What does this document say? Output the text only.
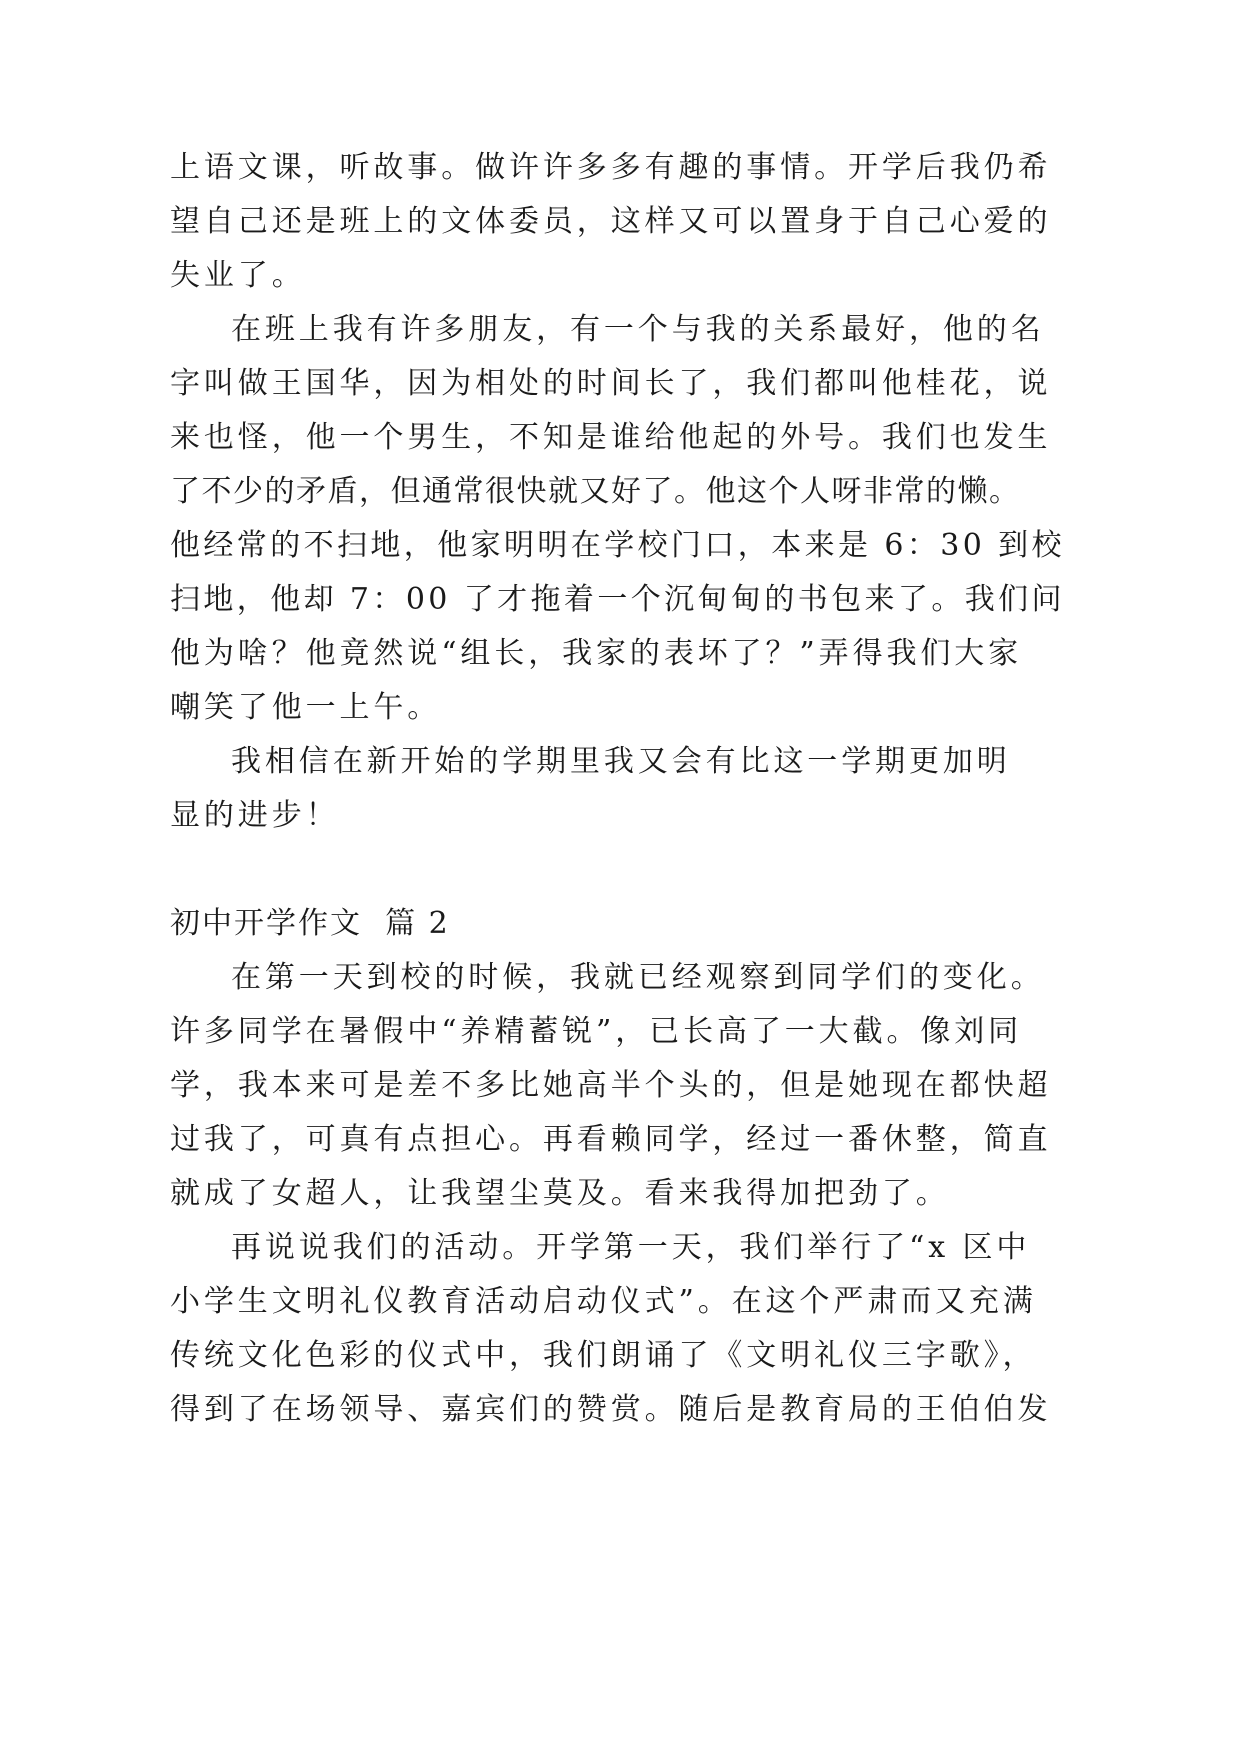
上语文课，听故事。做许许多多有趣的事情。开学后我仍希
望自己还是班上的文体委员，这样又可以置身于自己心爱的
失业了。
在班上我有许多朋友，有一个与我的关系最好，他的名
字叫做王国华，因为相处的时间长了，我们都叫他桂花，说
来也怪，他一个男生，不知是谁给他起的外号。我们也发生
了不少的矛盾，但通常很快就又好了。他这个人呀非常的懒。
他经常的不扫地，他家明明在学校门口，本来是 6：30 到校
扫地，他却 7：00 了才拖着一个沉甸甸的书包来了。我们问
他为啥？他竟然说“组长，我家的表坏了？”弄得我们大家
嘲笑了他一上午。
我相信在新开始的学期里我又会有比这一学期更加明
显的进步！
初中开学作文  篇 2
在第一天到校的时候，我就已经观察到同学们的变化。
许多同学在暑假中“养精蓄锐”，已长高了一大截。像刘同
学，我本来可是差不多比她高半个头的，但是她现在都快超
过我了，可真有点担心。再看赖同学，经过一番休整，简直
就成了女超人，让我望尘莫及。看来我得加把劲了。
再说说我们的活动。开学第一天，我们举行了“x 区中
小学生文明礼仪教育活动启动仪式”。在这个严肃而又充满
传统文化色彩的仪式中，我们朗诵了《文明礼仪三字歌》，
得到了在场领导、嘉宾们的赞赏。随后是教育局的王伯伯发
